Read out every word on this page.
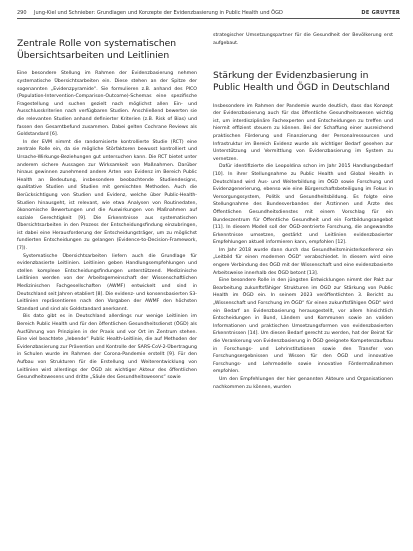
290 Jung-Kiel und Schnieber: Grundlagen und Konzepte der Evidenzbasierung in Public Health und ÖGD	DE GRUYTER
Zentrale Rolle von systematischen Übersichtsarbeiten und Leitlinien

Eine besondere Stellung im Rahmen der Evidenzbasierung nehmen systematische Übersichtsarbeiten ein. Diese stehen an der Spitze der sogenannten „Evidenzpyramide“. Sie formulieren z.B. anhand des PICO (Population-Intervention-Comparison-Outcome)-Schemas eine spezifische Fragestellung und suchen gezielt nach möglichst allen Ein- und Ausschlusskriterien nach verfügbaren Studien. Anschließend bewerten sie die relevanten Studien anhand definierter Kriterien (z.B. Risk of Bias) und fassen den Gesamtbefund zusammen. Dabei gelten Cochrane Reviews als Goldstandard [6].

In der EVM nimmt die randomisierte kontrollierte Studie (RCT) eine zentrale Rolle ein, da sie mögliche Störfaktoren bewusst kontrolliert und Ursache-Wirkungs-Beziehungen gut untersuchen kann. Die RCT bietet unter anderem sichere Aussagen zur Wirksamkeit von Maßnahmen. Darüber hinaus gewinnen zunehmend andere Arten von Evidenz im Bereich Public Health an Bedeutung, insbesondere beobachtende Studiendesigns, qualitative Studien und Studien mit gemischten Methoden. Auch die Berücksichtigung von Studien und Evidenz, welche über Public-Health-Studien hinausgeht, ist relevant, wie etwa Analysen von Routinedaten, ökonomische Bewertungen und die Auswirkungen von Maßnahmen auf soziale Gerechtigkeit [9]. Die Erkenntnisse aus systematischen Übersichtsarbeiten in den Prozess der Entscheidungsfindung einzubringen, ist dabei eine Herausforderung der Entscheidungsträger, um zu möglichst fundierten Entscheidungen zu gelangen (Evidence-to-Decision-Framework, [7]).

Systematische Übersichtsarbeiten liefern auch die Grundlage für evidenzbasierte Leitlinien. Leitlinien geben Handlungsempfehlungen und stellen komplexe Entscheidungsfindungen unterstützend. Medizinische Leitlinien werden von der Arbeitsgemeinschaft der Wissenschaftlichen Medizinischen Fachgesellschaften (AWMF) entwickelt und sind in Deutschland seit Jahren etabliert [8]. Die evidenz- und konsensbasierten S3-Leitlinien repräsentieren nach den Vorgaben der AWMF den höchsten Standard und sind als Goldstandard anerkannt.

Bis dato gibt es in Deutschland allerdings nur wenige Leitlinien im Bereich Public Health und für den öffentlichen Gesundheitsdienst (ÖGD) als Ausführung von Prinzipien in der Praxis und vor Ort im Zentrum stehen. Eine viel beachtete „lebende“ Public Health-Leitlinie, die auf Methoden der Evidenzbasierung zur Prävention und Kontrolle der SARS-CoV-2-Übertragung in Schulen wurde im Rahmen der Corona-Pandemie erstellt [9]. Für den Aufbau von Strukturen für die Erstellung und Weiterentwicklung von Leitlinien wird allerdings der ÖGD als wichtiger Akteur des öffentlichen Gesundheitswesens und dritte „Säule des Gesundheitswesens“ sowie

strategischer Umsetzungspartner für die Gesundheit der Bevölkerung erst aufgebaut.

Stärkung der Evidenzbasierung in Public Health und ÖGD in Deutschland

Insbesondere im Rahmen der Pandemie wurde deutlich, dass das Konzept der Evidenzbasierung auch für das öffentliche Gesundheitswesen wichtig ist, um interdisziplinäre Fachexperten und Entscheidungen zu treffen und hiermit effizient steuern zu können. Bei der Schaffung einer ausreichend praktischen Förderung und Finanzierung der Personalressourcen und Infrastruktur im Bereich Evidenz wurde als wichtiger Bedarf gesehen zur Unterstützung und Vermittlung von Evidenzbasierung im System zu vernetzen.

Dafür identifizierte die Leopoldina schon im Jahr 2015 Handlungsbedarf [10]. In ihrer Stellungnahme zu Public Health und Global Health in Deutschland wird Aus- und Weiterbildung im ÖGD sowie Forschung und Evidenzgenerierung, ebenso wie eine Bürgerschaftsbeteiligung im Fokus in Versorgungssystem, Politik und Gesundheitsbildung. Es folgte eine Stellungnahme des Bundesverbandes der Ärztinnen und Ärzte des Öffentlichen Gesundheitsdienstes mit einem Vorschlag für ein Bundeszentrum für Öffentliche Gesundheit und ein Fortbildungsangebot [11]. In diesem Modell soll der ÖGD-zentrierte Forschung, die angewandte Erkenntnisse umsetzen, gestärkt und Leitlinien evidenzbasierter Empfehlungen aktuell informieren kann, empfohlen [12].

Im Jahr 2018 wurde dann durch das Gesundheitsministerkonferenz ein „Leitbild für einen modernen ÖGD“ verabschiedet. In diesem wird eine engere Verbindung des ÖGD mit der Wissenschaft und eine evidenzbasierte Arbeitsweise innerhalb des ÖGD betont [13].

Eine besondere Rolle in den jüngsten Entwicklungen nimmt der Pakt zur Bearbeitung zukunftsfähiger Strukturen im ÖGD zur Stärkung von Public Health im ÖGD ein. In seinem 2023 veröffentlichten 3. Bericht zu „Wissenschaft und Forschung im ÖGD“ für einen zukunftsfähigen ÖGD“ wird ein Bedarf an Evidenzbasierung herausgestellt, vor allem hinsichtlich Entscheidungen in Bund, Ländern und Kommunen sowie an validen Informationen und praktischen Umsetzungsformen von evidenzbasierten Erkenntnissen [14]. Um diesen Bedarf gerecht zu werden, hat der Beirat für die Verankerung von Evidenzbasierung in ÖGD geeignete Kompetenzaufbau in Forschungs- und Lehrinstitutionen sowie den Transfer von Forschungsergebnissen und Wissen für den ÖGD und innovative Forschungs- und Lehrmodelle sowie innovative Fördermaßnahmen empfohlen.

Um den Empfehlungen der hier genannten Akteure und Organisationen nachkommen zu können, wurden
